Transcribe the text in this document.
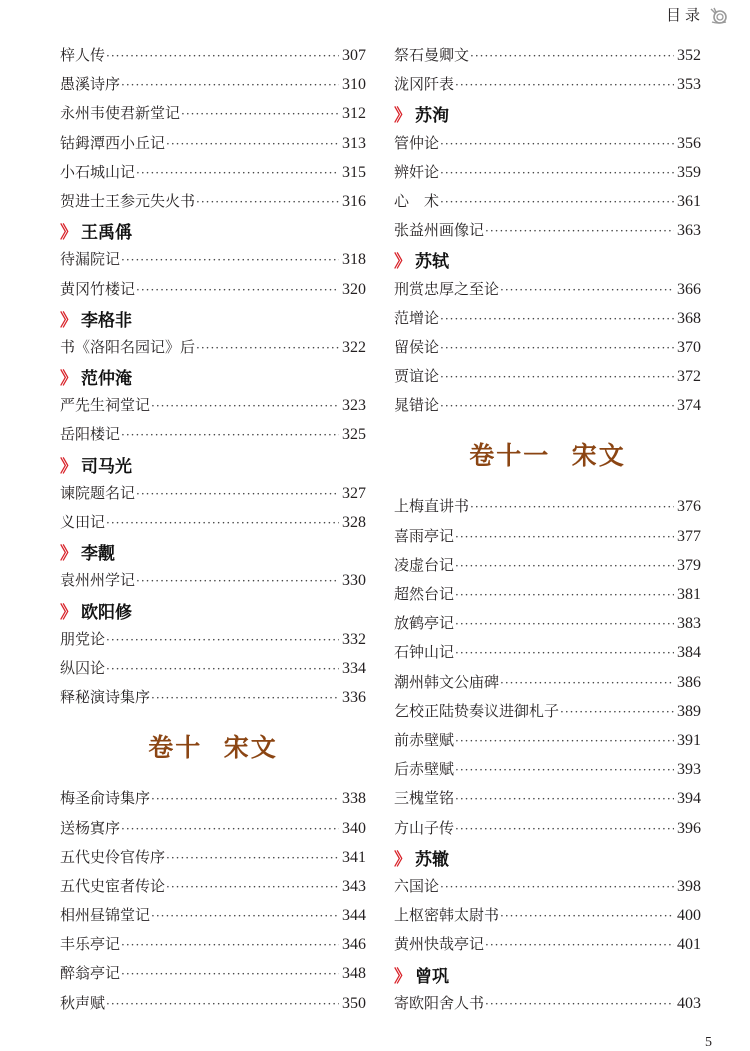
目录
梓人传 ·····	307
愚溪诗序 ·····	310
永州韦使君新堂记 ·····	312
钴鉧潭西小丘记 ·····	313
小石城山记 ·····	315
贺进士王参元失火书 ·····	316
》 王禹偁
待漏院记 ·····	318
黄冈竹楼记 ·····	320
》 李格非
书《洛阳名园记》后 ·····	322
》 范仲淹
严先生祠堂记 ·····	323
岳阳楼记 ·····	325
》 司马光
谏院题名记 ·····	327
义田记 ·····	328
》 李觏
袁州州学记 ·····	330
》 欧阳修
朋党论 ·····	332
纵囚论 ·····	334
释秘演诗集序 ·····	336
卷十  宋文
梅圣俞诗集序 ·····	338
送杨寘序 ·····	340
五代史伶官传序 ·····	341
五代史宦者传论 ·····	343
相州昼锦堂记 ·····	344
丰乐亭记 ·····	346
醉翁亭记 ·····	348
秋声赋 ·····	350
祭石曼卿文 ·····	352
泷冈阡表 ·····	353
》 苏洵
管仲论 ·····	356
辨奸论 ·····	359
心　术 ·····	361
张益州画像记 ·····	363
》 苏轼
刑赏忠厚之至论 ·····	366
范增论 ·····	368
留侯论 ·····	370
贾谊论 ·····	372
晁错论 ·····	374
卷十一  宋文
上梅直讲书 ·····	376
喜雨亭记 ·····	377
凌虚台记 ·····	379
超然台记 ·····	381
放鹤亭记 ·····	383
石钟山记 ·····	384
潮州韩文公庙碑 ·····	386
乞校正陆贽奏议进御札子 ·····	389
前赤壁赋 ·····	391
后赤壁赋 ·····	393
三槐堂铭 ·····	394
方山子传 ·····	396
》 苏辙
六国论 ·····	398
上枢密韩太尉书 ·····	400
黄州快哉亭记 ·····	401
》 曾巩
寄欧阳舍人书 ·····	403
5
